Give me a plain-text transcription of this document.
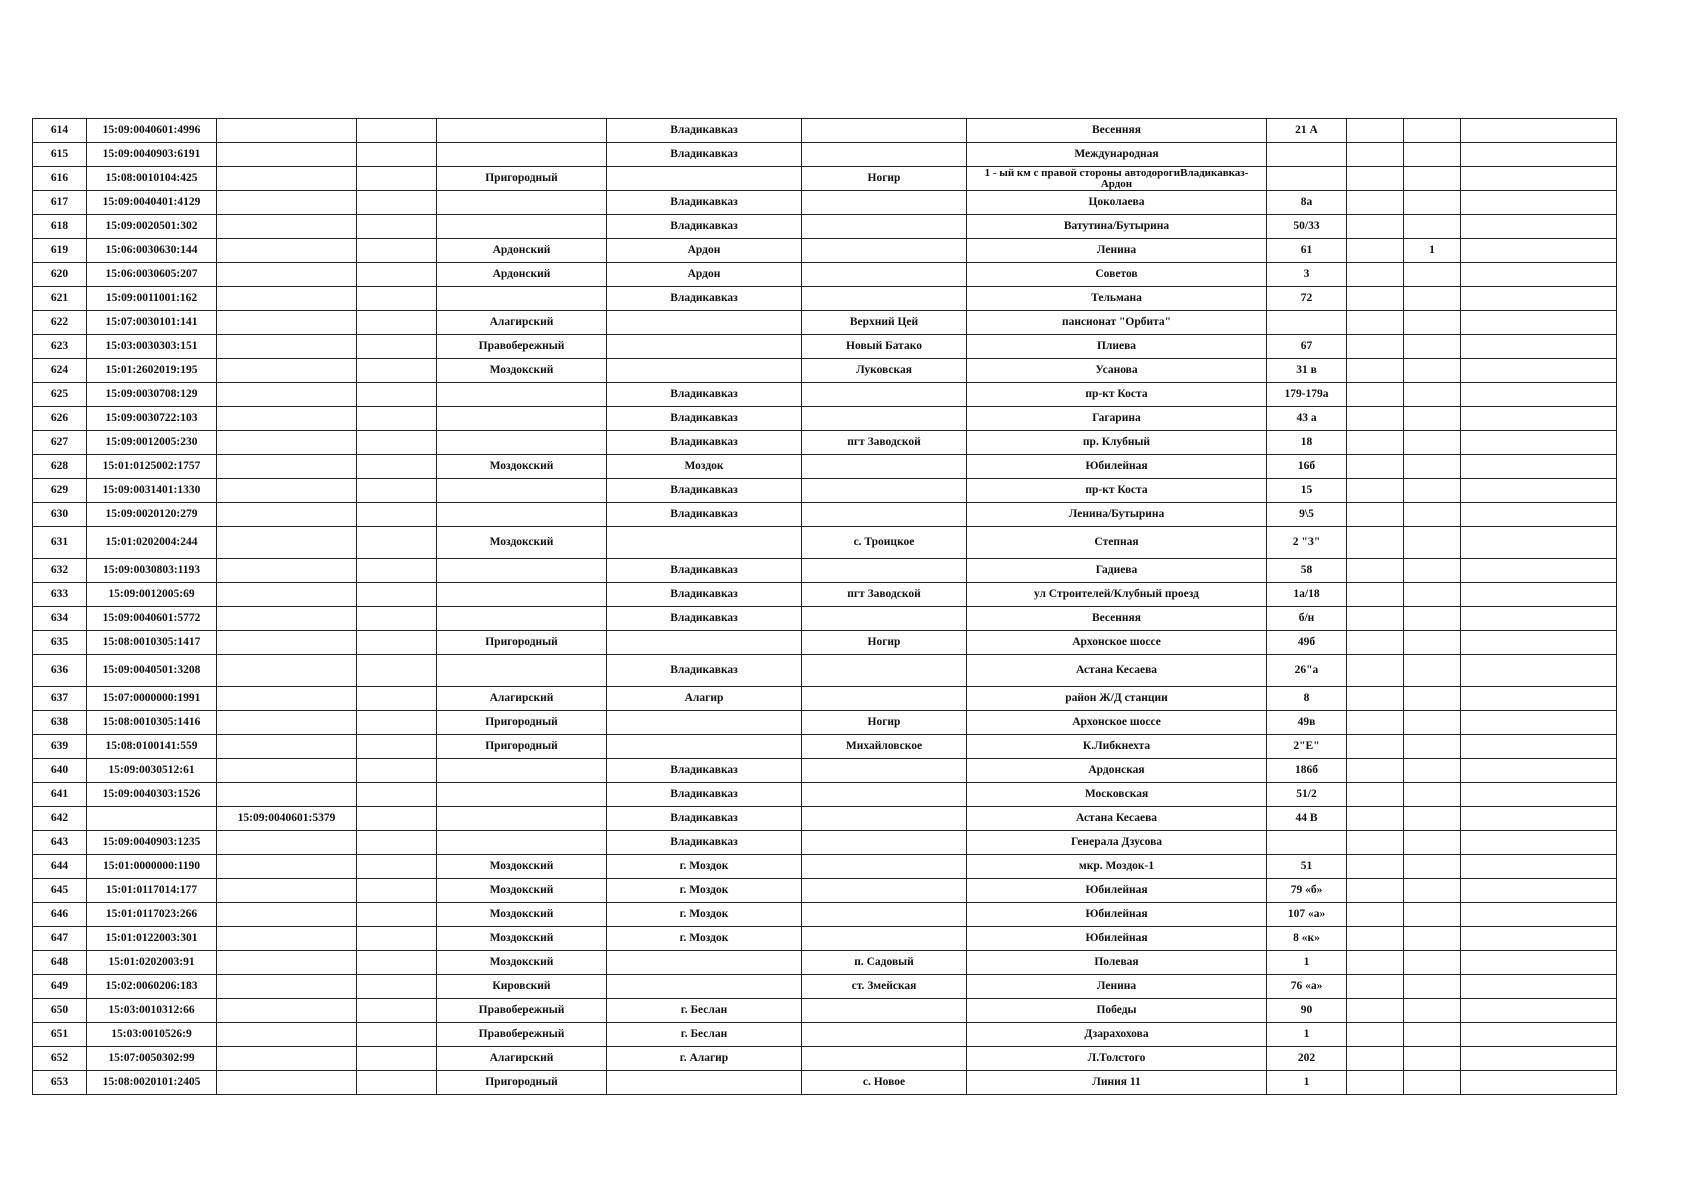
614	15:09:0040601:4996				Владикавказ		Весенняя	21 А			
615	15:09:0040903:6191				Владикавказ		Международная				
616	15:08:0010104:425			Пригородный		Ногир	1 - ый км с правой стороны автодорогиВладикавказ-Ардон				
617	15:09:0040401:4129				Владикавказ		Цоколаева	8а			
618	15:09:0020501:302				Владикавказ		Ватутина/Бутырина	50/33			
619	15:06:0030630:144			Ардонский	Ардон		Ленина	61		1	
620	15:06:0030605:207			Ардонский	Ардон		Советов	3			
621	15:09:0011001:162				Владикавказ		Тельмана	72			
622	15:07:0030101:141			Алагирский		Верхний Цей	пансионат "Орбита"				
623	15:03:0030303:151			Правобережный		Новый Батако	Плиева	67			
624	15:01:2602019:195			Моздокский		Луковская	Усанова	31 в			
625	15:09:0030708:129				Владикавказ		пр-кт Коста	179-179а			
626	15:09:0030722:103				Владикавказ		Гагарина	43 а			
627	15:09:0012005:230				Владикавказ	пгт Заводской	пр. Клубный	18			
628	15:01:0125002:1757			Моздокский	Моздок		Юбилейная	16б			
629	15:09:0031401:1330				Владикавказ		пр-кт Коста	15			
630	15:09:0020120:279				Владикавказ		Ленина/Бутырина	9\5			
631	15:01:0202004:244			Моздокский		с. Троицкое	Степная	2 "З"			
632	15:09:0030803:1193				Владикавказ		Гадиева	58			
633	15:09:0012005:69				Владикавказ	пгт Заводской	ул Строителей/Клубный проезд	1а/18			
634	15:09:0040601:5772				Владикавказ		Весенняя	б/н			
635	15:08:0010305:1417			Пригородный		Ногир	Архонское шоссе	49б			
636	15:09:0040501:3208				Владикавказ		Астана Кесаева	26"а			
637	15:07:0000000:1991			Алагирский	Алагир		район Ж/Д станции	8			
638	15:08:0010305:1416			Пригородный		Ногир	Архонское шоссе	49в			
639	15:08:0100141:559			Пригородный		Михайловское	К.Либкнехта	2"Е"			
640	15:09:0030512:61				Владикавказ		Ардонская	186б			
641	15:09:0040303:1526				Владикавказ		Московская	51/2			
642		15:09:0040601:5379			Владикавказ		Астана Кесаева	44 В			
643	15:09:0040903:1235				Владикавказ		Генерала Дзусова				
644	15:01:0000000:1190			Моздокский	г. Моздок		мкр. Моздок-1	51			
645	15:01:0117014:177			Моздокский	г. Моздок		Юбилейная	79 «б»			
646	15:01:0117023:266			Моздокский	г. Моздок		Юбилейная	107 «а»			
647	15:01:0122003:301			Моздокский	г. Моздок		Юбилейная	8 «к»			
648	15:01:0202003:91			Моздокский		п. Садовый	Полевая	1			
649	15:02:0060206:183			Кировский		ст. Змейская	Ленина	76 «а»			
650	15:03:0010312:66			Правобережный	г. Беслан		Победы	90			
651	15:03:0010526:9			Правобережный	г. Беслан		Дзарахохова	1			
652	15:07:0050302:99			Алагирский	г. Алагир		Л.Толстого	202			
653	15:08:0020101:2405			Пригородный		с. Новое	Линия 11	1			
